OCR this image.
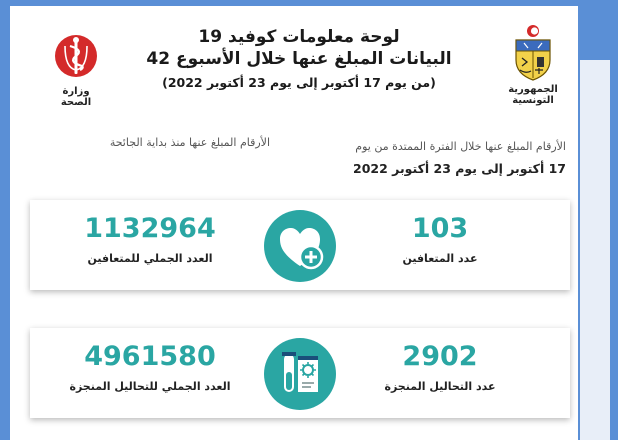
الجمهورية التونسية
لوحة معلومات كوفيد 19
البيانات المبلغ عنها خلال الأسبوع 42
(من يوم 17 أكتوبر إلى يوم 23 أكتوبر 2022)
وزارة الصحة
الأرقام المبلغ عنها خلال الفترة الممتدة من يوم
17 أكتوبر إلى يوم 23 أكتوبر 2022
الأرقام المبلغ عنها منذ بداية الجائحة
103
عدد المتعافين
1132964
العدد الجملي للمتعافين
2902
عدد التحاليل المنجزة
4961580
العدد الجملي للتحاليل المنجزة
